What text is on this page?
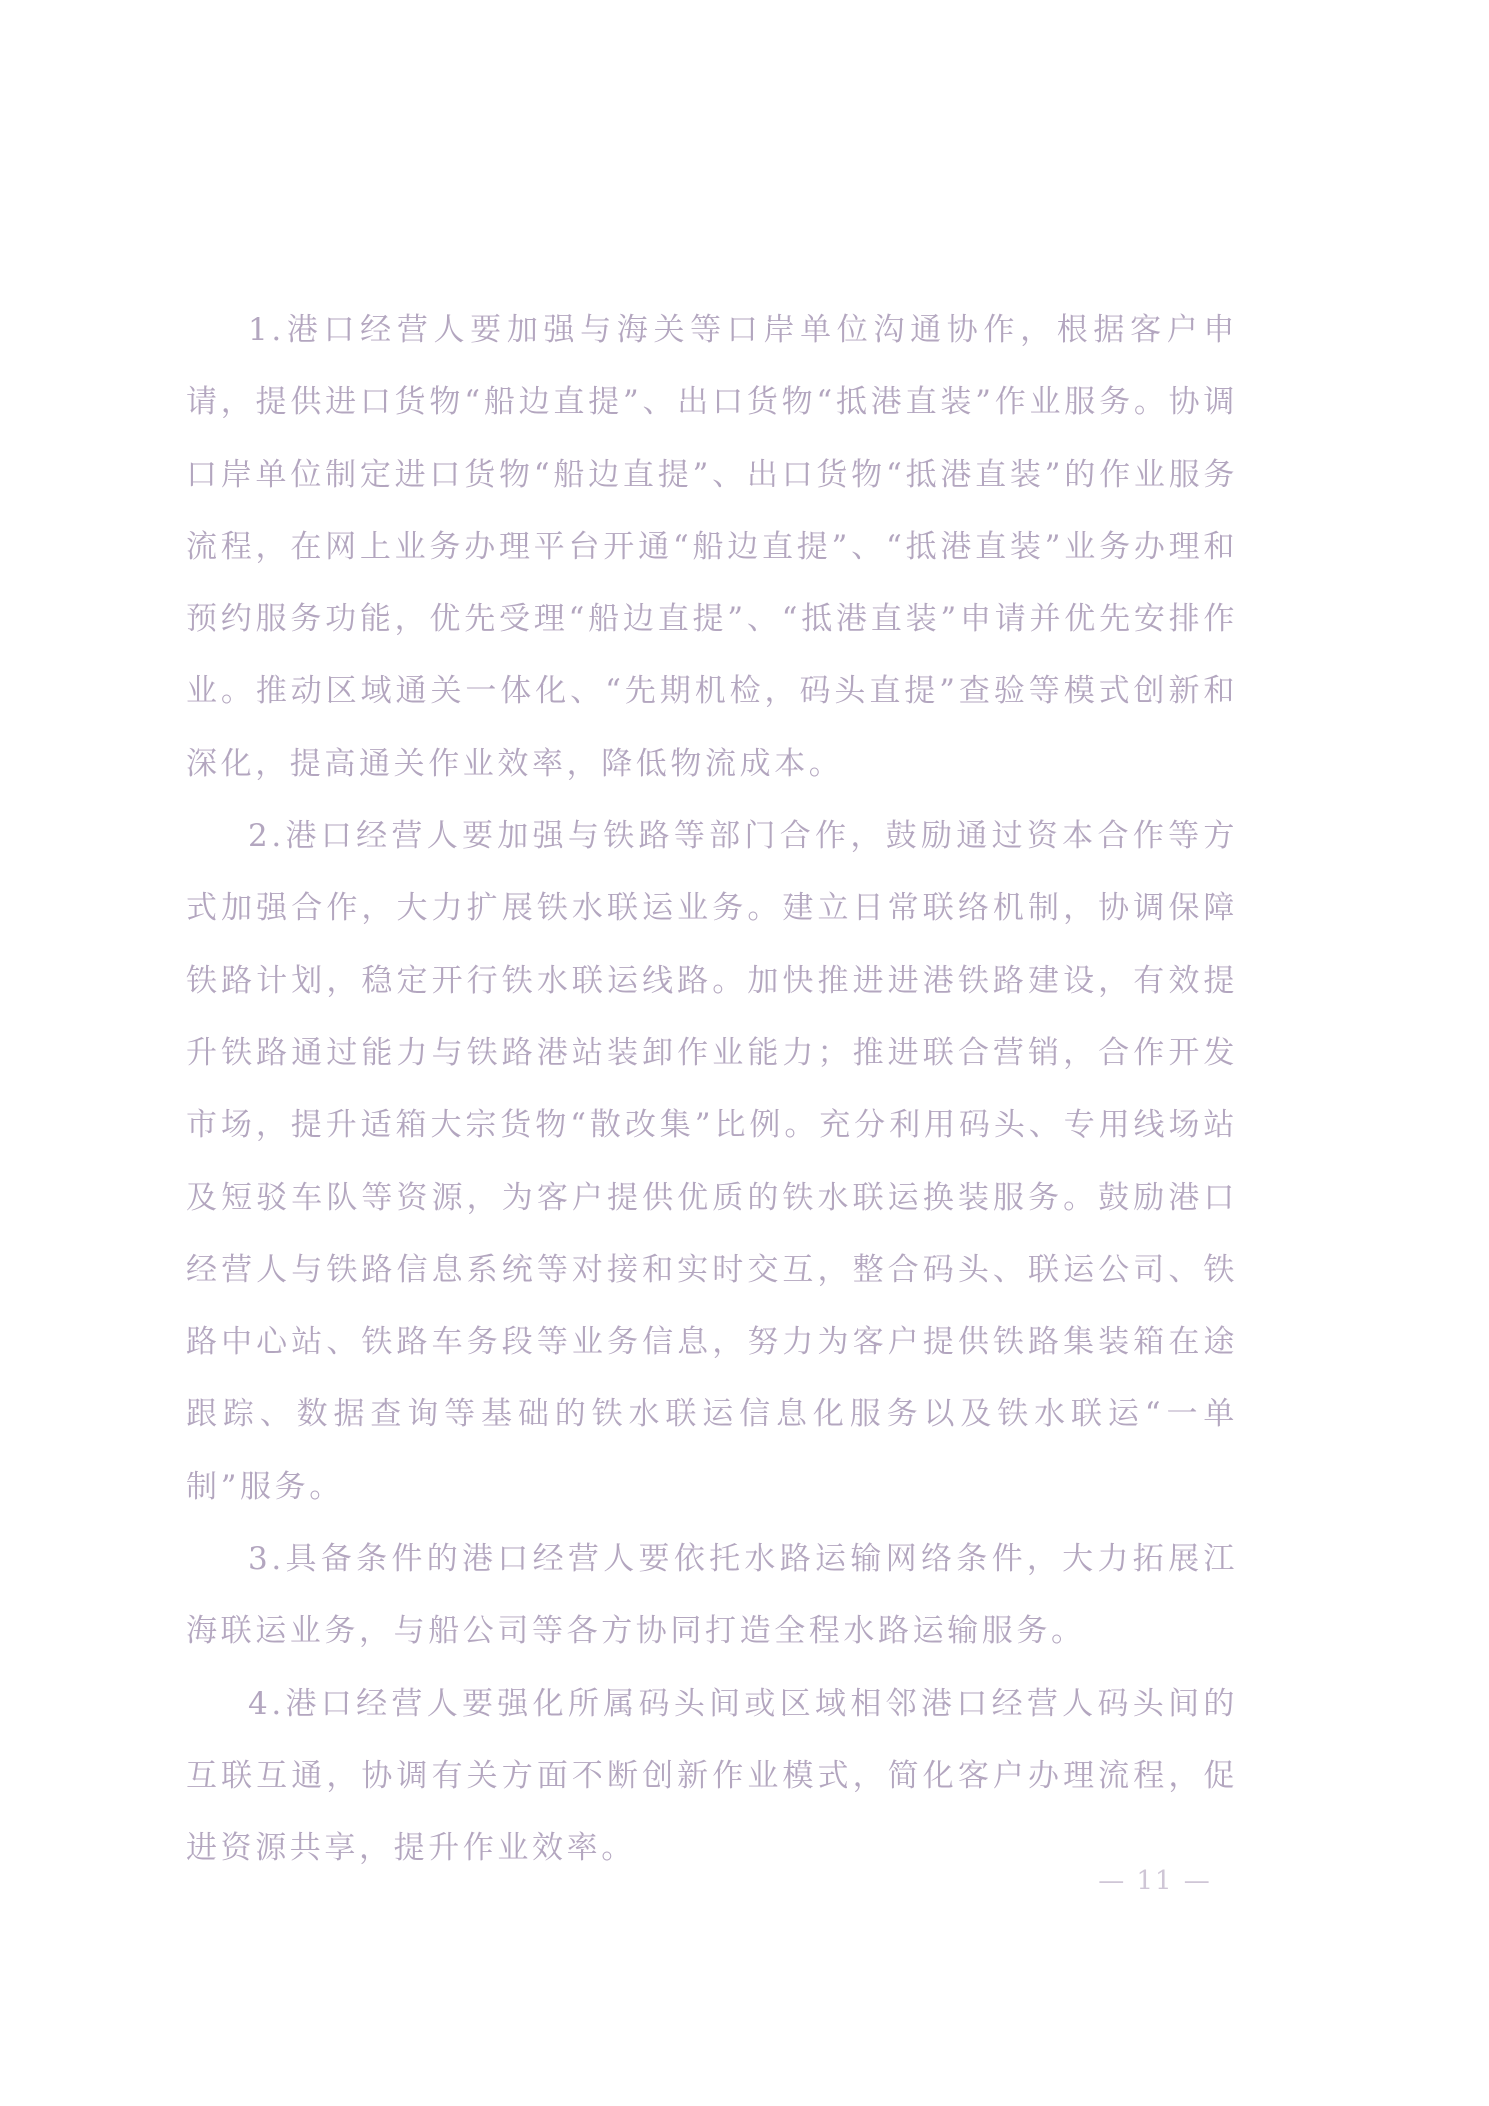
1.港口经营人要加强与海关等口岸单位沟通协作，根据客户申请，提供进口货物“船边直提”、出口货物“抵港直装”作业服务。协调口岸单位制定进口货物“船边直提”、出口货物“抵港直装”的作业服务流程，在网上业务办理平台开通“船边直提”、“抵港直装”业务办理和预约服务功能，优先受理“船边直提”、“抵港直装”申请并优先安排作业。推动区域通关一体化、“先期机检，码头直提”查验等模式创新和深化，提高通关作业效率，降低物流成本。

2.港口经营人要加强与铁路等部门合作，鼓励通过资本合作等方式加强合作，大力扩展铁水联运业务。建立日常联络机制，协调保障铁路计划，稳定开行铁水联运线路。加快推进进港铁路建设，有效提升铁路通过能力与铁路港站装卸作业能力；推进联合营销，合作开发市场，提升适箱大宗货物“散改集”比例。充分利用码头、专用线场站及短驳车队等资源，为客户提供优质的铁水联运换装服务。鼓励港口经营人与铁路信息系统等对接和实时交互，整合码头、联运公司、铁路中心站、铁路车务段等业务信息，努力为客户提供铁路集装箱在途跟踪、数据查询等基础的铁水联运信息化服务以及铁水联运“一单制”服务。

3.具备条件的港口经营人要依托水路运输网络条件，大力拓展江海联运业务，与船公司等各方协同打造全程水路运输服务。

4.港口经营人要强化所属码头间或区域相邻港口经营人码头间的互联互通，协调有关方面不断创新作业模式，简化客户办理流程，促进资源共享，提升作业效率。

— 11 —
